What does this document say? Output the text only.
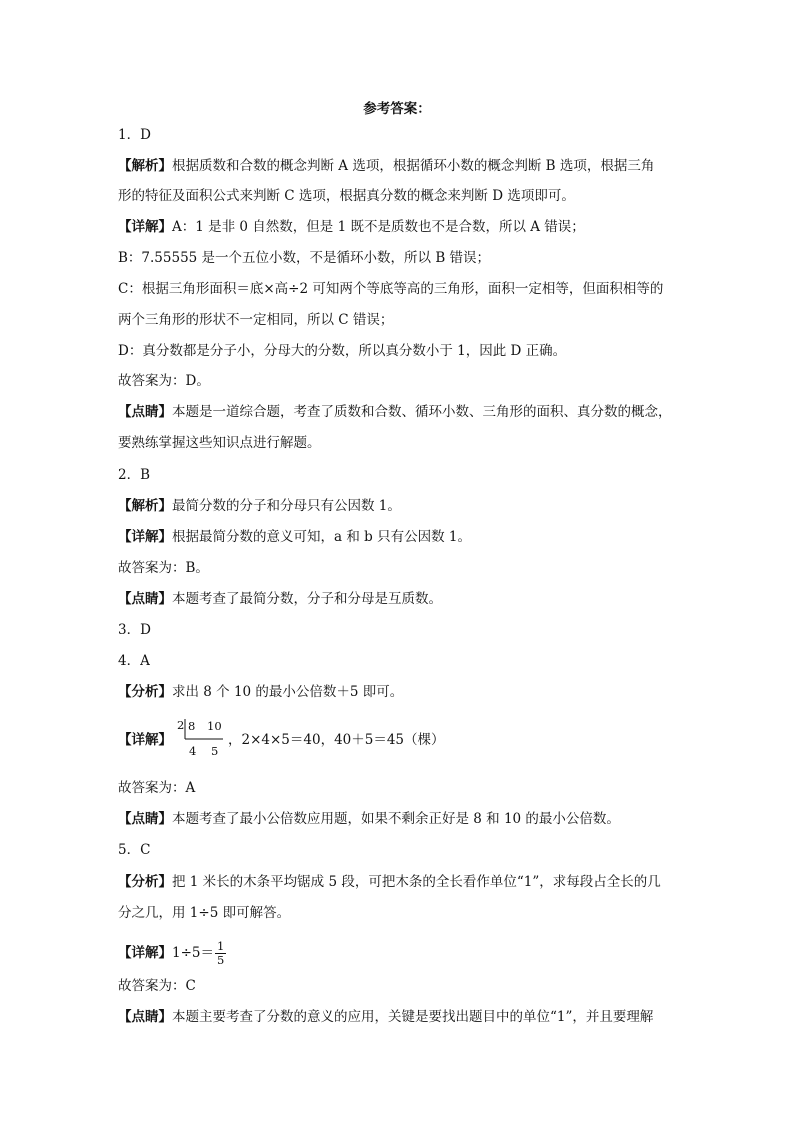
参考答案：
1．D
【解析】根据质数和合数的概念判断 A 选项，根据循环小数的概念判断 B 选项，根据三角
形的特征及面积公式来判断 C 选项，根据真分数的概念来判断 D 选项即可。
【详解】A：1 是非 0 自然数，但是 1 既不是质数也不是合数，所以 A 错误；
B：7.55555 是一个五位小数，不是循环小数，所以 B 错误；
C：根据三角形面积＝底×高÷2 可知两个等底等高的三角形，面积一定相等，但面积相等的
两个三角形的形状不一定相同，所以 C 错误；
D：真分数都是分子小，分母大的分数，所以真分数小于 1，因此 D 正确。
故答案为：D。
【点睛】本题是一道综合题，考查了质数和合数、循环小数、三角形的面积、真分数的概念，
要熟练掌握这些知识点进行解题。
2．B
【解析】最简分数的分子和分母只有公因数 1。
【详解】根据最简分数的意义可知，a 和 b 只有公因数 1。
故答案为：B。
【点睛】本题考查了最简分数，分子和分母是互质数。
3．D
4．A
【分析】求出 8 个 10 的最小公倍数＋5 即可。
【详解】	，2×4×5＝40，40＋5＝45（棵）
2 8 10
4 5
故答案为：A
【点睛】本题考查了最小公倍数应用题，如果不剩余正好是 8 和 10 的最小公倍数。
5．C
【分析】把 1 米长的木条平均锯成 5 段，可把木条的全长看作单位“1”，求每段占全长的几
分之几，用 1÷5 即可解答。
【详解】$1\div 5= \frac{1}{5}$
故答案为：C
【点睛】本题主要考查了分数的意义的应用，关键是要找出题目中的单位“1”，并且要理解
